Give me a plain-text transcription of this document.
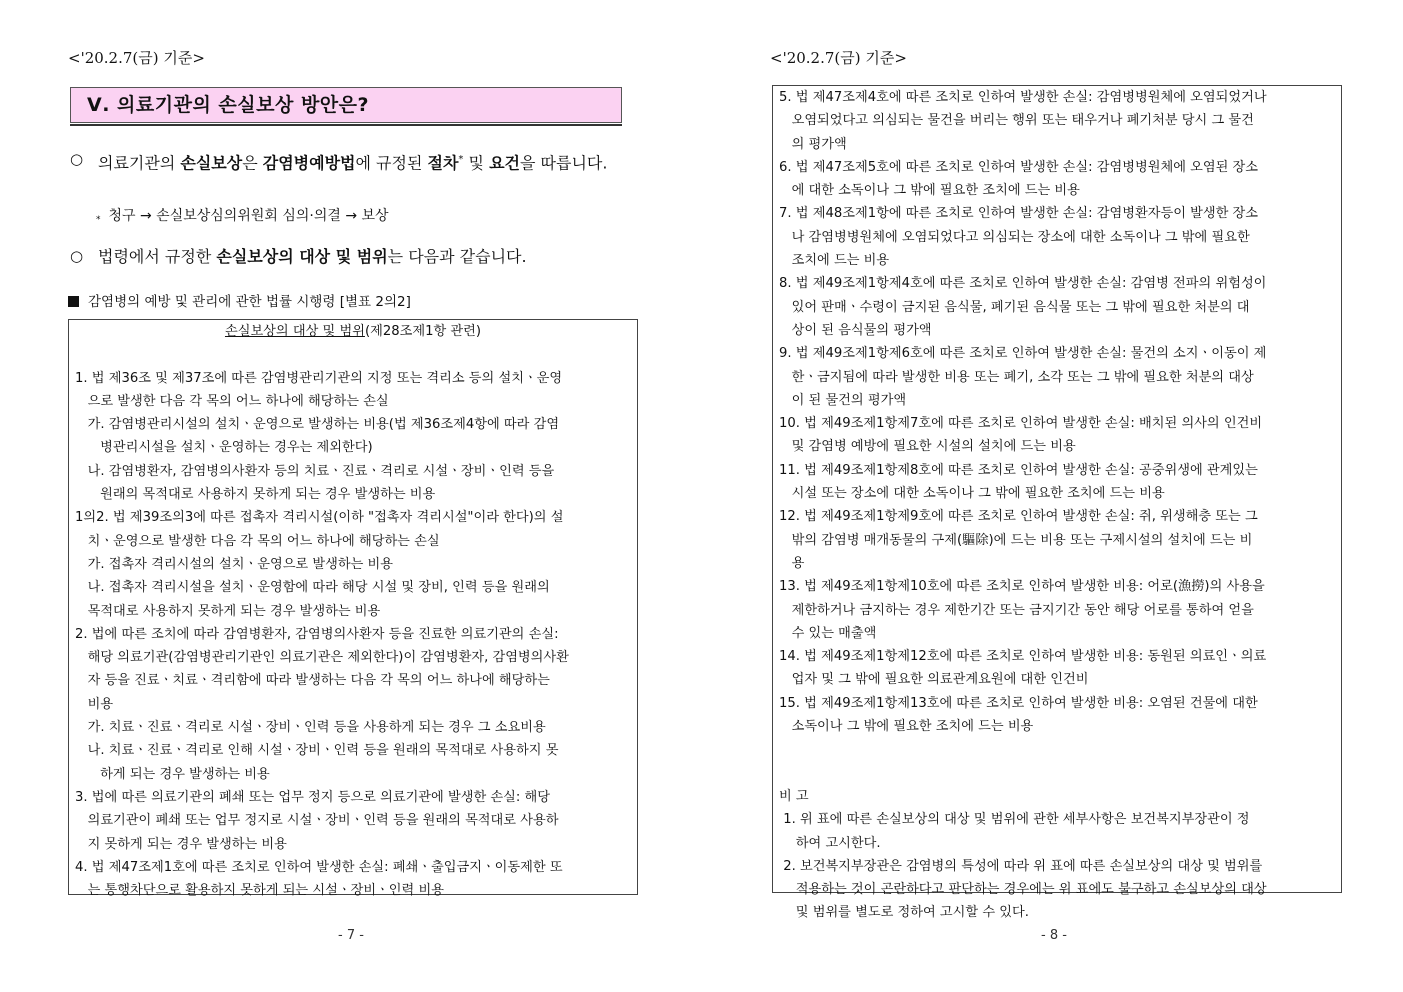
<'20.2.7(금) 기준>
Ⅴ. 의료기관의 손실보상 방안은?
○ 의료기관의 손실보상은 감염병예방법에 규정된 절차* 및 요건을 따릅니다.
* 청구 → 손실보상심의위원회 심의·의결 → 보상
○ 법령에서 규정한 손실보상의 대상 및 범위는 다음과 같습니다.
감염병의 예방 및 관리에 관한 법률 시행령 [별표 2의2]
손실보상의 대상 및 범위(제28조제1항 관련)

1. 법 제36조 및 제37조에 따른 감염병관리기관의 지정 또는 격리소 등의 설치ㆍ운영
으로 발생한 다음 각 목의 어느 하나에 해당하는 손실
가. 감염병관리시설의 설치ㆍ운영으로 발생하는 비용(법 제36조제4항에 따라 감염
병관리시설을 설치ㆍ운영하는 경우는 제외한다)
나. 감염병환자, 감염병의사환자 등의 치료ㆍ진료ㆍ격리로 시설ㆍ장비ㆍ인력 등을
원래의 목적대로 사용하지 못하게 되는 경우 발생하는 비용
1의2. 법 제39조의3에 따른 접촉자 격리시설(이하 "접촉자 격리시설"이라 한다)의 설
치ㆍ운영으로 발생한 다음 각 목의 어느 하나에 해당하는 손실
가. 접촉자 격리시설의 설치ㆍ운영으로 발생하는 비용
나. 접촉자 격리시설을 설치ㆍ운영함에 따라 해당 시설 및 장비, 인력 등을 원래의
목적대로 사용하지 못하게 되는 경우 발생하는 비용
2. 법에 따른 조치에 따라 감염병환자, 감염병의사환자 등을 진료한 의료기관의 손실:
해당 의료기관(감염병관리기관인 의료기관은 제외한다)이 감염병환자, 감염병의사환
자 등을 진료ㆍ치료ㆍ격리함에 따라 발생하는 다음 각 목의 어느 하나에 해당하는
비용
가. 치료ㆍ진료ㆍ격리로 시설ㆍ장비ㆍ인력 등을 사용하게 되는 경우 그 소요비용
나. 치료ㆍ진료ㆍ격리로 인해 시설ㆍ장비ㆍ인력 등을 원래의 목적대로 사용하지 못
하게 되는 경우 발생하는 비용
3. 법에 따른 의료기관의 폐쇄 또는 업무 정지 등으로 의료기관에 발생한 손실: 해당
의료기관이 폐쇄 또는 업무 정지로 시설ㆍ장비ㆍ인력 등을 원래의 목적대로 사용하
지 못하게 되는 경우 발생하는 비용
4. 법 제47조제1호에 따른 조치로 인하여 발생한 손실: 폐쇄ㆍ출입금지ㆍ이동제한 또
는 통행차단으로 활용하지 못하게 되는 시설ㆍ장비ㆍ인력 비용
- 7 -
<'20.2.7(금) 기준>
5. 법 제47조제4호에 따른 조치로 인하여 발생한 손실: 감염병병원체에 오염되었거나
오염되었다고 의심되는 물건을 버리는 행위 또는 태우거나 폐기처분 당시 그 물건
의 평가액
6. 법 제47조제5호에 따른 조치로 인하여 발생한 손실: 감염병병원체에 오염된 장소
에 대한 소독이나 그 밖에 필요한 조치에 드는 비용
7. 법 제48조제1항에 따른 조치로 인하여 발생한 손실: 감염병환자등이 발생한 장소
나 감염병병원체에 오염되었다고 의심되는 장소에 대한 소독이나 그 밖에 필요한
조치에 드는 비용
8. 법 제49조제1항제4호에 따른 조치로 인하여 발생한 손실: 감염병 전파의 위험성이
있어 판매ㆍ수령이 금지된 음식물, 폐기된 음식물 또는 그 밖에 필요한 처분의 대
상이 된 음식물의 평가액
9. 법 제49조제1항제6호에 따른 조치로 인하여 발생한 손실: 물건의 소지ㆍ이동이 제
한ㆍ금지됨에 따라 발생한 비용 또는 폐기, 소각 또는 그 밖에 필요한 처분의 대상
이 된 물건의 평가액
10. 법 제49조제1항제7호에 따른 조치로 인하여 발생한 손실: 배치된 의사의 인건비
및 감염병 예방에 필요한 시설의 설치에 드는 비용
11. 법 제49조제1항제8호에 따른 조치로 인하여 발생한 손실: 공중위생에 관계있는
시설 또는 장소에 대한 소독이나 그 밖에 필요한 조치에 드는 비용
12. 법 제49조제1항제9호에 따른 조치로 인하여 발생한 손실: 쥐, 위생해충 또는 그
밖의 감염병 매개동물의 구제(驅除)에 드는 비용 또는 구제시설의 설치에 드는 비
용
13. 법 제49조제1항제10호에 따른 조치로 인하여 발생한 비용: 어로(漁撈)의 사용을
제한하거나 금지하는 경우 제한기간 또는 금지기간 동안 해당 어로를 통하여 얻을
수 있는 매출액
14. 법 제49조제1항제12호에 따른 조치로 인하여 발생한 비용: 동원된 의료인ㆍ의료
업자 및 그 밖에 필요한 의료관계요원에 대한 인건비
15. 법 제49조제1항제13호에 따른 조치로 인하여 발생한 비용: 오염된 건물에 대한
소독이나 그 밖에 필요한 조치에 드는 비용

비 고
1. 위 표에 따른 손실보상의 대상 및 범위에 관한 세부사항은 보건복지부장관이 정
하여 고시한다.
2. 보건복지부장관은 감염병의 특성에 따라 위 표에 따른 손실보상의 대상 및 범위를
적용하는 것이 곤란하다고 판단하는 경우에는 위 표에도 불구하고 손실보상의 대상
및 범위를 별도로 정하여 고시할 수 있다.
- 8 -
